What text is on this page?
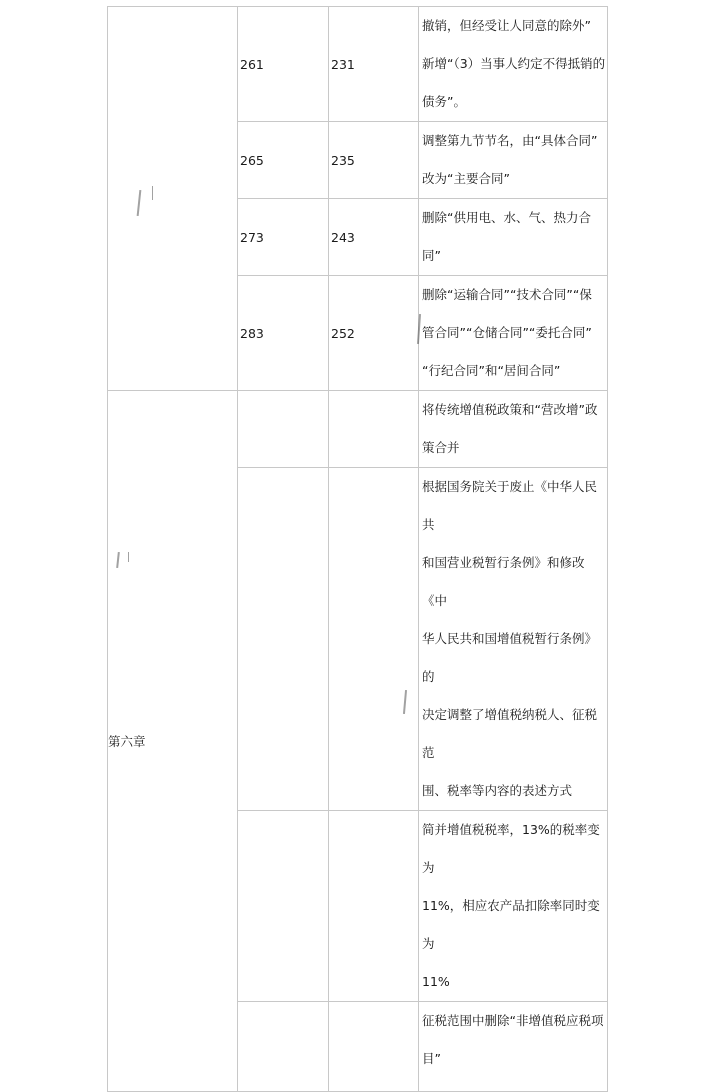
	261	231	撤销，但经受让人同意的除外”
新增“（3）当事人约定不得抵销的
债务”。

	265	235	调整第九节节名，由“具体合同”
改为“主要合同”

	273	243	删除“供用电、水、气、热力合同”

	283	252	删除“运输合同”“技术合同”“保
管合同”“仓储合同”“委托合同”
“行纪合同”和“居间合同”

第六章			将传统增值税政策和“营改增”政
策合并

			根据国务院关于废止《中华人民共
和国营业税暂行条例》和修改《中
华人民共和国增值税暂行条例》的
决定调整了增值税纳税人、征税范
围、税率等内容的表述方式

			简并增值税税率，13%的税率变为
11%，相应农产品扣除率同时变为
11%

			征税范围中删除“非增值税应税项
目”
